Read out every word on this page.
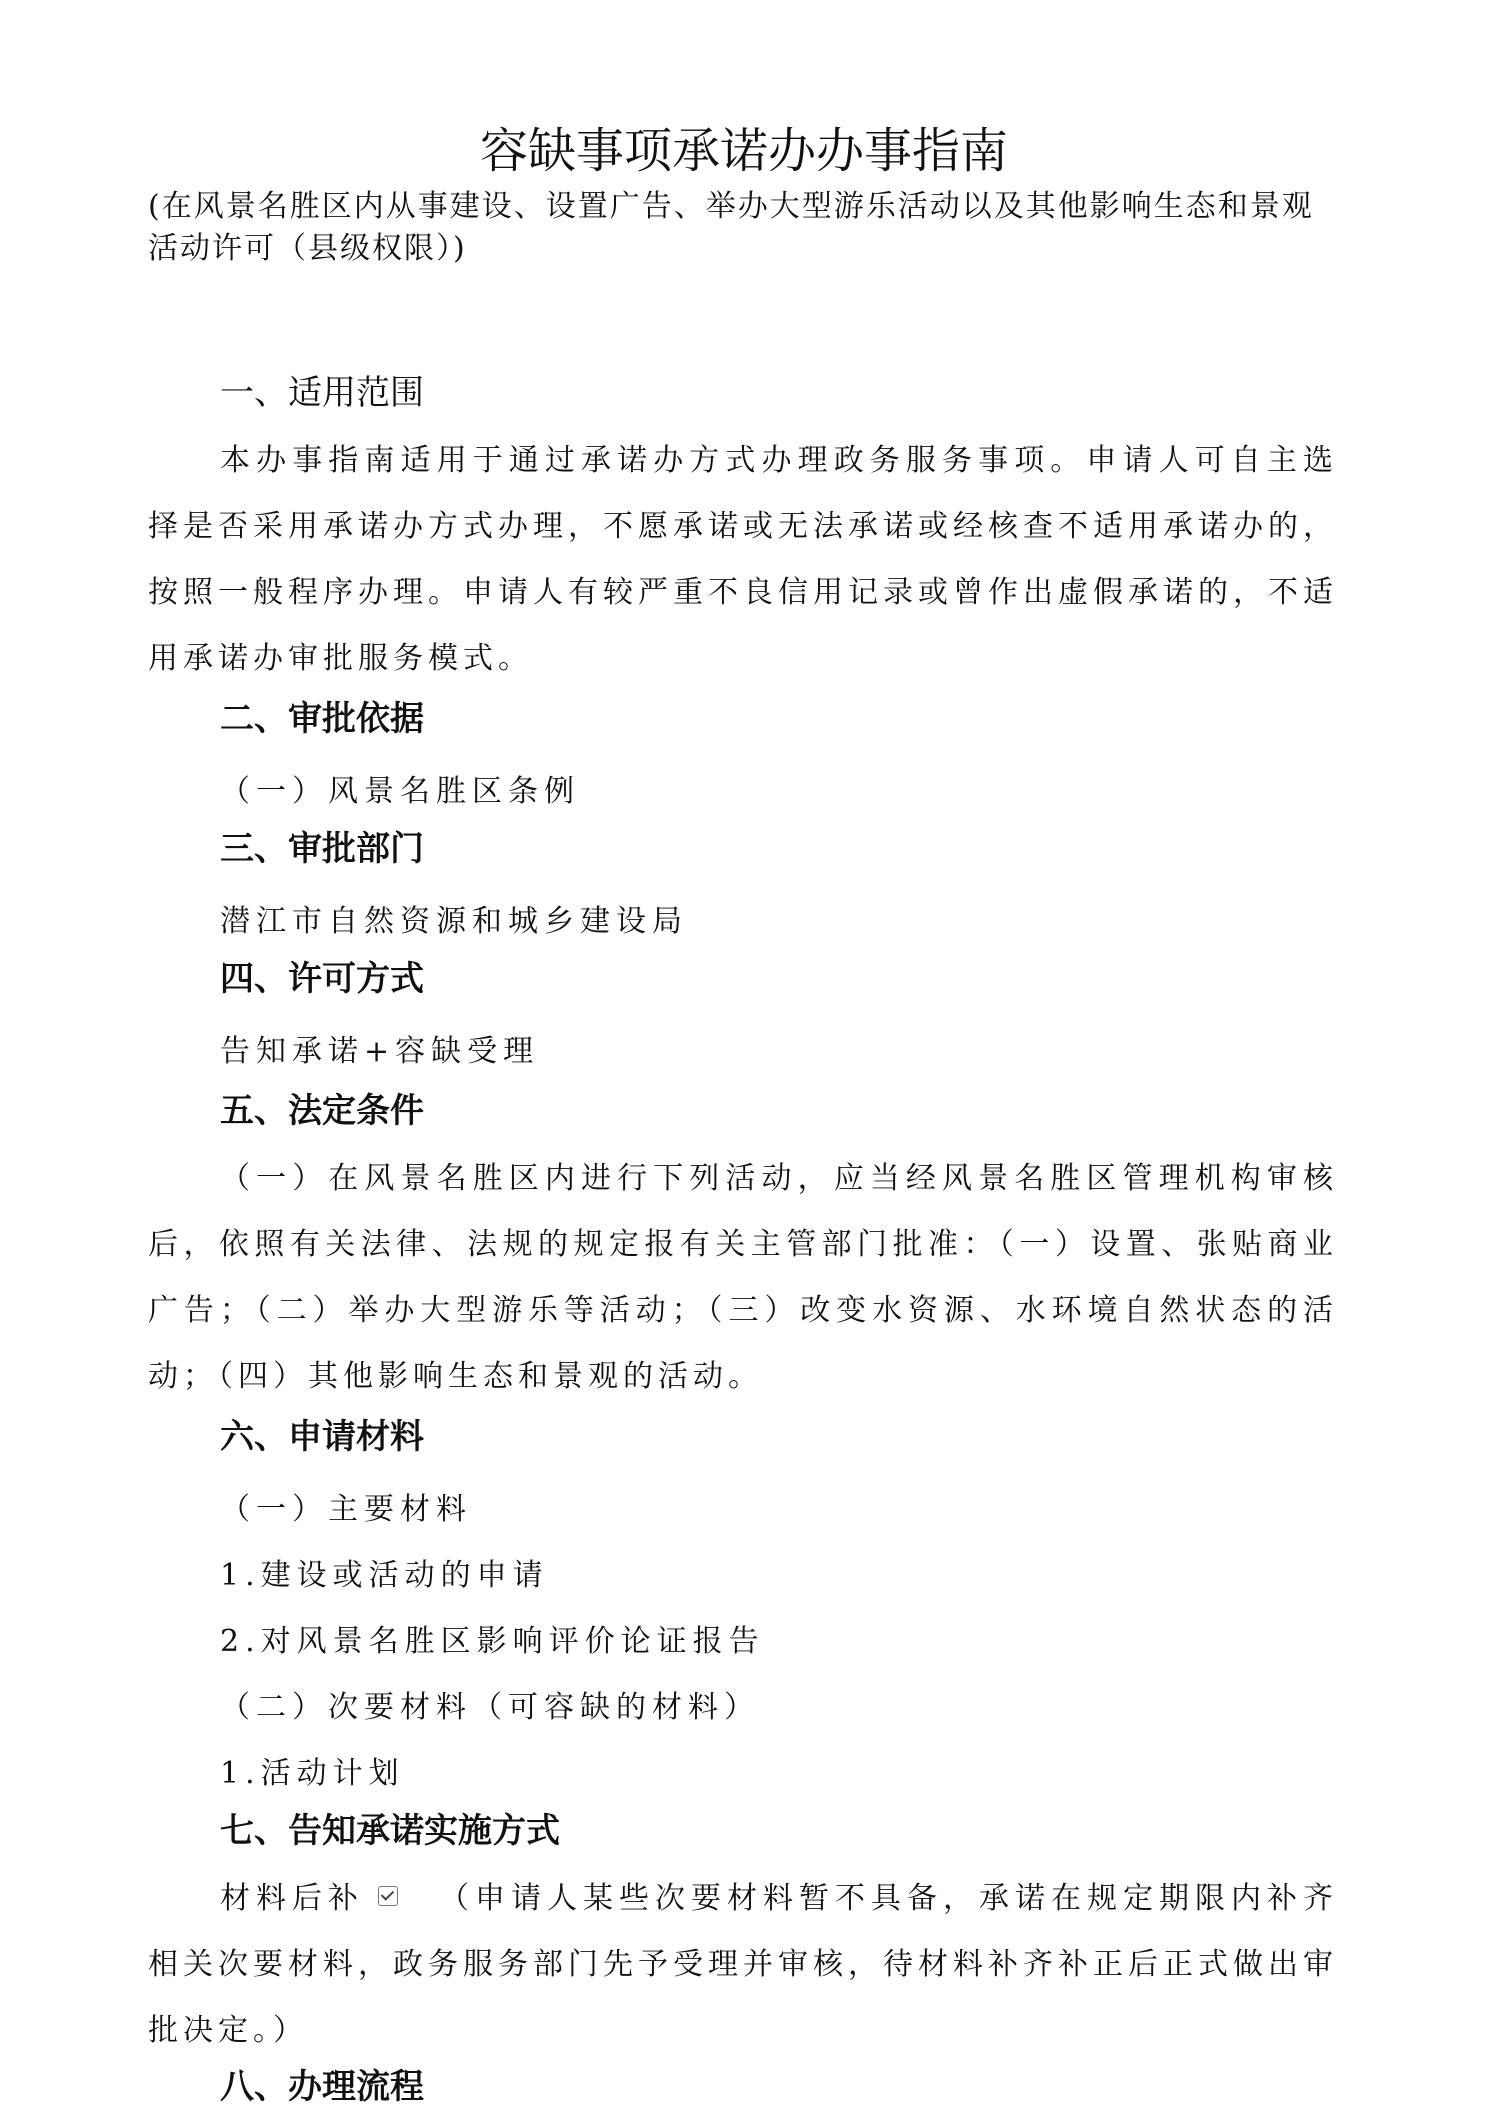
容缺事项承诺办办事指南

(在风景名胜区内从事建设、设置广告、举办大型游乐活动以及其他影响生态和景观活动许可（县级权限）)

一、适用范围

本办事指南适用于通过承诺办方式办理政务服务事项。申请人可自主选择是否采用承诺办方式办理，不愿承诺或无法承诺或经核查不适用承诺办的，按照一般程序办理。申请人有较严重不良信用记录或曾作出虚假承诺的，不适用承诺办审批服务模式。

二、审批依据

（一）风景名胜区条例

三、审批部门

潜江市自然资源和城乡建设局

四、许可方式

告知承诺+容缺受理

五、法定条件

（一）在风景名胜区内进行下列活动，应当经风景名胜区管理机构审核后，依照有关法律、法规的规定报有关主管部门批准：（一）设置、张贴商业广告；（二）举办大型游乐等活动；（三）改变水资源、水环境自然状态的活动；（四）其他影响生态和景观的活动。

六、申请材料

（一）主要材料

1.建设或活动的申请

2.对风景名胜区影响评价论证报告

（二）次要材料（可容缺的材料）

1.活动计划

七、告知承诺实施方式

材料后补 （申请人某些次要材料暂不具备，承诺在规定期限内补齐相关次要材料，政务服务部门先予受理并审核，待材料补齐补正后正式做出审批决定。）

八、办理流程
